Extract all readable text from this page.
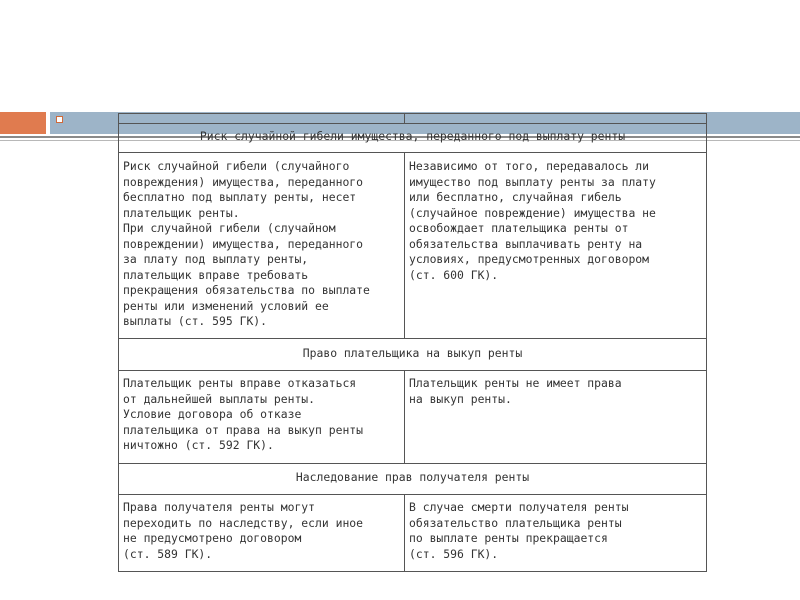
Риск случайной гибели имущества, переданного под выплату ренты
Риск случайной гибели (случайного
повреждения) имущества, переданного
бесплатно под выплату ренты, несет
плательщик ренты.
При случайной гибели (случайном
повреждении) имущества, переданного
за плату под выплату ренты,
плательщик вправе требовать
прекращения обязательства по выплате
ренты или изменений условий ее
выплаты (ст. 595 ГК).
Независимо от того, передавалось ли
имущество под выплату ренты за плату
или бесплатно, случайная гибель
(случайное повреждение) имущества не
освобождает плательщика ренты от
обязательства выплачивать ренту на
условиях, предусмотренных договором
(ст. 600 ГК).
Право плательщика на выкуп ренты
Плательщик ренты вправе отказаться
от дальнейшей выплаты ренты.
Условие договора об отказе
плательщика от права на выкуп ренты
ничтожно (ст. 592 ГК).
Плательщик ренты не имеет права
на выкуп ренты.
Наследование прав получателя ренты
Права получателя ренты могут
переходить по наследству, если иное
не предусмотрено договором
(ст. 589 ГК).
В случае смерти получателя ренты
обязательство плательщика ренты
по выплате ренты прекращается
(ст. 596 ГК).
